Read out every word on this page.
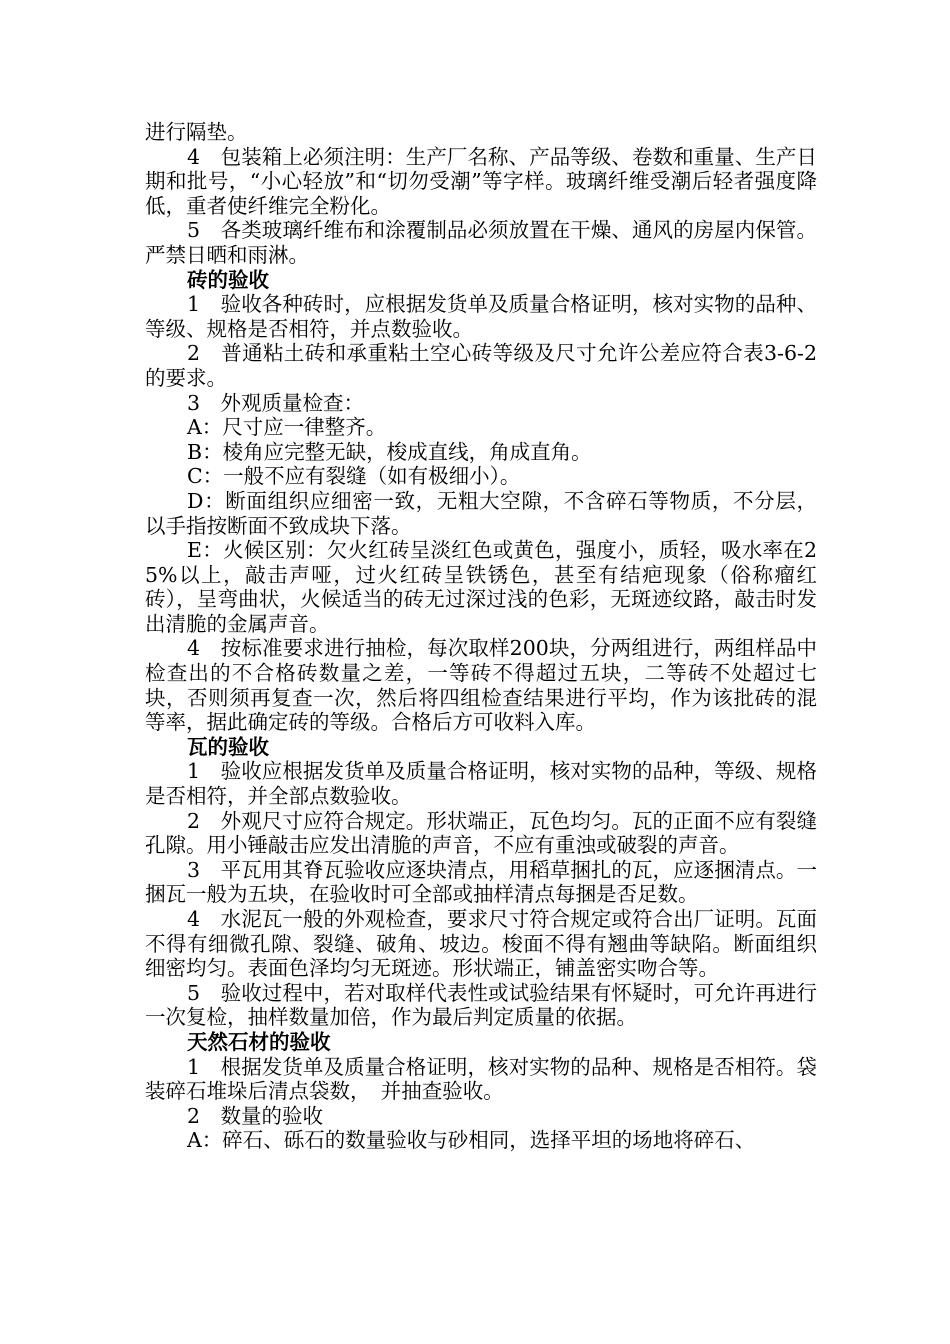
进行隔垫。

4　包装箱上必须注明：生产厂名称、产品等级、卷数和重量、生产日期和批号，“小心轻放”和“切勿受潮”等字样。玻璃纤维受潮后轻者强度降低，重者使纤维完全粉化。

5　各类玻璃纤维布和涂覆制品必须放置在干燥、通风的房屋内保管。严禁日晒和雨淋。

砖的验收

1　验收各种砖时，应根据发货单及质量合格证明，核对实物的品种、等级、规格是否相符，并点数验收。

2　普通粘土砖和承重粘土空心砖等级及尺寸允许公差应符合表3-6-2的要求。

3　外观质量检查：

A：尺寸应一律整齐。

B：棱角应完整无缺，梭成直线，角成直角。

C：一般不应有裂缝（如有极细小）。

D：断面组织应细密一致，无粗大空隙，不含碎石等物质，不分层，以手指按断面不致成块下落。

E：火候区别：欠火红砖呈淡红色或黄色，强度小，质轻，吸水率在25%以上，敲击声哑，过火红砖呈铁锈色，甚至有结疤现象（俗称瘤红砖），呈弯曲状，火候适当的砖无过深过浅的色彩，无斑迹纹路，敲击时发出清脆的金属声音。

4　按标准要求进行抽检，每次取样200块，分两组进行，两组样品中检查出的不合格砖数量之差，一等砖不得超过五块，二等砖不处超过七块，否则须再复查一次，然后将四组检查结果进行平均，作为该批砖的混等率，据此确定砖的等级。合格后方可收料入库。

瓦的验收

1　验收应根据发货单及质量合格证明，核对实物的品种，等级、规格是否相符，并全部点数验收。

2　外观尺寸应符合规定。形状端正，瓦色均匀。瓦的正面不应有裂缝孔隙。用小锤敲击应发出清脆的声音，不应有重浊或破裂的声音。

3　平瓦用其脊瓦验收应逐块清点，用稻草捆扎的瓦，应逐捆清点。一捆瓦一般为五块，在验收时可全部或抽样清点每捆是否足数。

4　水泥瓦一般的外观检查，要求尺寸符合规定或符合出厂证明。瓦面不得有细微孔隙、裂缝、破角、坡边。梭面不得有翘曲等缺陷。断面组织细密均匀。表面色泽均匀无斑迹。形状端正，铺盖密实吻合等。

5　验收过程中，若对取样代表性或试验结果有怀疑时，可允许再进行一次复检，抽样数量加倍，作为最后判定质量的依据。

天然石材的验收

1　根据发货单及质量合格证明，核对实物的品种、规格是否相符。袋装碎石堆垛后清点袋数，　并抽查验收。

2　数量的验收

A：碎石、砾石的数量验收与砂相同，选择平坦的场地将碎石、
